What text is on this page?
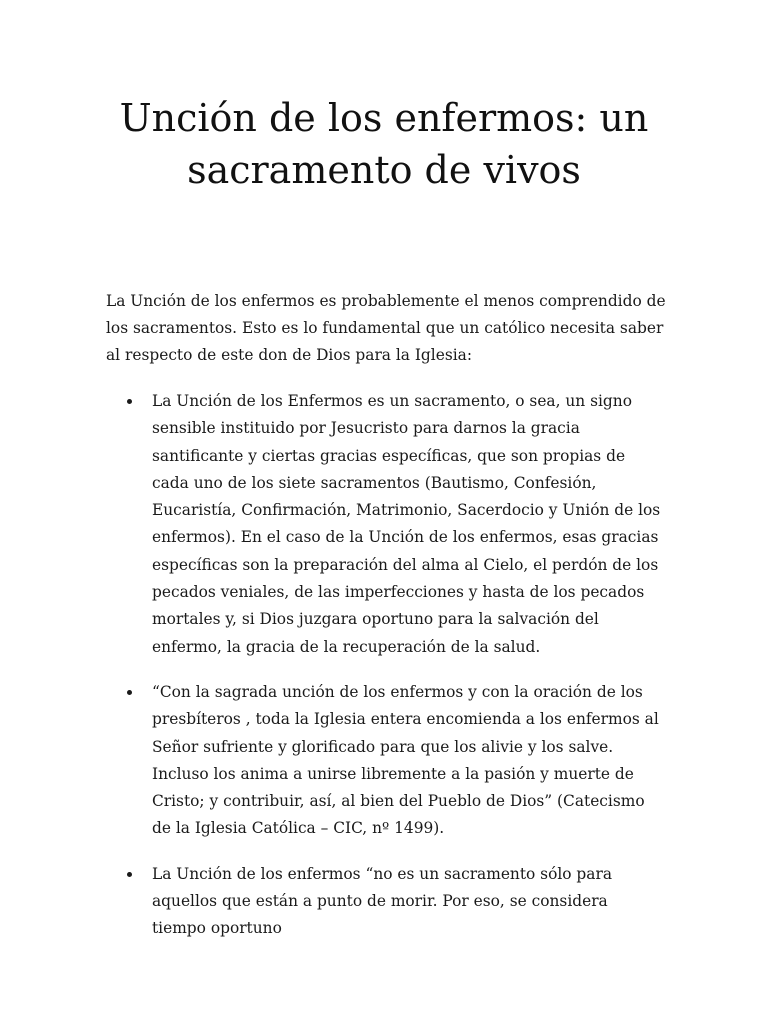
Unción de los enfermos: un sacramento de vivos

La Unción de los enfermos es probablemente el menos comprendido de los sacramentos. Esto es lo fundamental que un católico necesita saber al respecto de este don de Dios para la Iglesia:

La Unción de los Enfermos es un sacramento, o sea, un signo sensible instituido por Jesucristo para darnos la gracia santificante y ciertas gracias específicas, que son propias de cada uno de los siete sacramentos (Bautismo, Confesión, Eucaristía, Confirmación, Matrimonio, Sacerdocio y Unión de los enfermos). En el caso de la Unción de los enfermos, esas gracias específicas son la preparación del alma al Cielo, el perdón de los pecados veniales, de las imperfecciones y hasta de los pecados mortales y, si Dios juzgara oportuno para la salvación del enfermo, la gracia de la recuperación de la salud.
“Con la sagrada unción de los enfermos y con la oración de los presbíteros , toda la Iglesia entera encomienda a los enfermos al Señor sufriente y glorificado para que los alivie y los salve. Incluso los anima a unirse libremente a la pasión y muerte de Cristo; y contribuir, así, al bien del Pueblo de Dios” (Catecismo de la Iglesia Católica – CIC, nº 1499).
La Unción de los enfermos “no es un sacramento sólo para aquellos que están a punto de morir. Por eso, se considera tiempo oportuno
